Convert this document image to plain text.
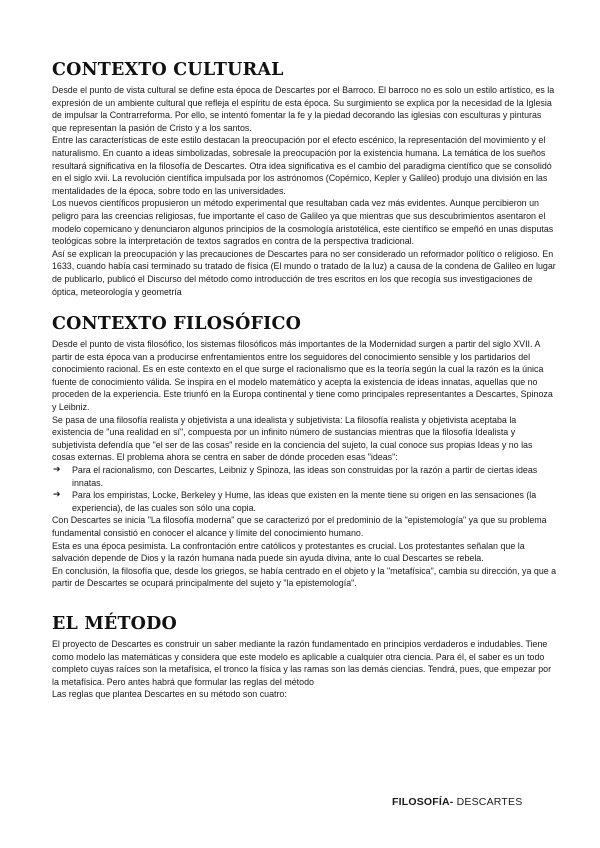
CONTEXTO CULTURAL

Desde el punto de vista cultural se define esta época de Descartes por el Barroco. El barroco no es solo un estilo artístico, es la expresión de un ambiente cultural que refleja el espíritu de esta época. Su surgimiento se explica por la necesidad de la Iglesia de impulsar la Contrarreforma. Por ello, se intentó fomentar la fe y la piedad decorando las iglesias con esculturas y pinturas que representan la pasión de Cristo y a los santos.

Entre las características de este estilo destacan la preocupación por el efecto escénico, la representación del movimiento y el naturalismo. En cuanto a ideas simbolizadas, sobresale la preocupación por la existencia humana. La temática de los sueños resultará significativa en la filosofía de Descartes. Otra idea significativa es el cambio del paradigma científico que se consolidó en el siglo xvii. La revolución científica impulsada por los astrónomos (Copérnico, Kepler y Galileo) produjo una división en las mentalidades de la época, sobre todo en las universidades.

Los nuevos científicos propusieron un método experimental que resultaban cada vez más evidentes. Aunque percibieron un peligro para las creencias religiosas, fue importante el caso de Galileo ya que mientras que sus descubrimientos asentaron el modelo copernicano y denunciaron algunos principios de la cosmología aristotélica, este científico se empeñó en unas disputas teológicas sobre la interpretación de textos sagrados en contra de la perspectiva tradicional.

Así se explican la preocupación y las precauciones de Descartes para no ser considerado un reformador político o religioso. En 1633, cuando había casi terminado su tratado de física (El mundo o tratado de la luz) a causa de la condena de Galileo en lugar de publicarlo, publicó el Discurso del método como introducción de tres escritos en los que recogía sus investigaciones de óptica, meteorología y geometría

CONTEXTO FILOSÓFICO

Desde el punto de vista filosófico, los sistemas filosóficos más importantes de la Modernidad surgen a partir del siglo XVII. A partir de esta época van a producirse enfrentamientos entre los seguidores del conocimiento sensible y los partidarios del conocimiento racional. Es en este contexto en el que surge el racionalismo que es la teoría según la cual la razón es la única fuente de conocimiento válida. Se inspira en el modelo matemático y acepta la existencia de ideas innatas, aquellas que no proceden de la experiencia. Este triunfó en la Europa continental y tiene como principales representantes a Descartes, Spinoza y Leibniz.

Se pasa de una filosofía realista y objetivista a una idealista y subjetivista: La filosofía realista y objetivista aceptaba la existencia de "una realidad en sí", compuesta por un infinito número de sustancias mientras que la filosofía Idealista y subjetivista defendía que "el ser de las cosas" reside en la conciencia del sujeto, la cual conoce sus propias Ideas y no las cosas externas. El problema ahora se centra en saber de dónde proceden esas "ideas":

➔ Para el racionalismo, con Descartes, Leibniz y Spinoza, las ideas son construidas por la razón a partir de ciertas ideas innatas.
➔ Para los empiristas, Locke, Berkeley y Hume, las ideas que existen en la mente tiene su origen en las sensaciones (la experiencia), de las cuales son sólo una copia.

Con Descartes se inicia "La filosofía moderna" que se caracterizó por el predominio de la "epistemología" ya que su problema fundamental consistió en conocer el alcance y límite del conocimiento humano.

Esta es una época pesimista. La confrontación entre católicos y protestantes es crucial. Los protestantes señalan que la salvación depende de Dios y la razón humana nada puede sin ayuda divina, ante lo cual Descartes se rebela.

En conclusión, la filosofía que, desde los griegos, se había centrado en el objeto y la "metafísica", cambia su dirección, ya que a partir de Descartes se ocupará principalmente del sujeto y "la epistemología".

EL MÉTODO

El proyecto de Descartes es construir un saber mediante la razón fundamentado en principios verdaderos e indudables. Tiene como modelo las matemáticas y considera que este modelo es aplicable a cualquier otra ciencia. Para él, el saber es un todo completo cuyas raíces son la metafísica, el tronco la física y las ramas son las demás ciencias. Tendrá, pues, que empezar por la metafísica. Pero antes habrá que formular las reglas del método

Las reglas que plantea Descartes en su método son cuatro:

FILOSOFÍA- DESCARTES
